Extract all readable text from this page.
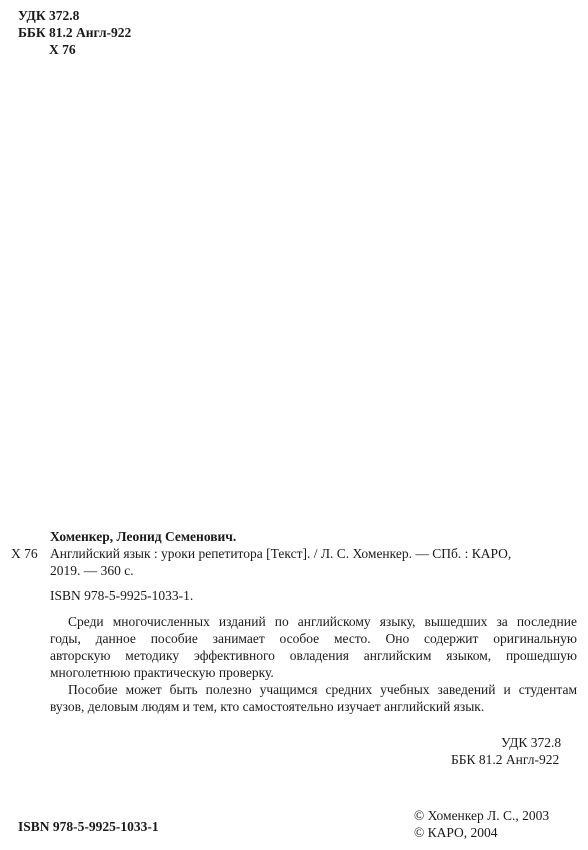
УДК 372.8
ББК 81.2 Англ-922
Х 76
Хоменкер, Леонид Семенович.
Х 76 Английский язык : уроки репетитора [Текст]. / Л. С. Хоменкер. — СПб. : КАРО,
2019. — 360 с.
ISBN 978-5-9925-1033-1.

Среди многочисленных изданий по английскому языку, вышедших за последние
годы, данное пособие занимает особое место. Оно содержит оригинальную
авторскую методику эффективного овладения английским языком, прошедшую
многолетнюю практическую проверку.

Пособие может быть полезно учащимся средних учебных заведений и студентам
вузов, деловым людям и тем, кто самостоятельно изучает английский язык.

УДК 372.8
ББК 81.2 Англ-922
© Хоменкер Л. С., 2003
© КАРО, 2004
ISBN 978-5-9925-1033-1
